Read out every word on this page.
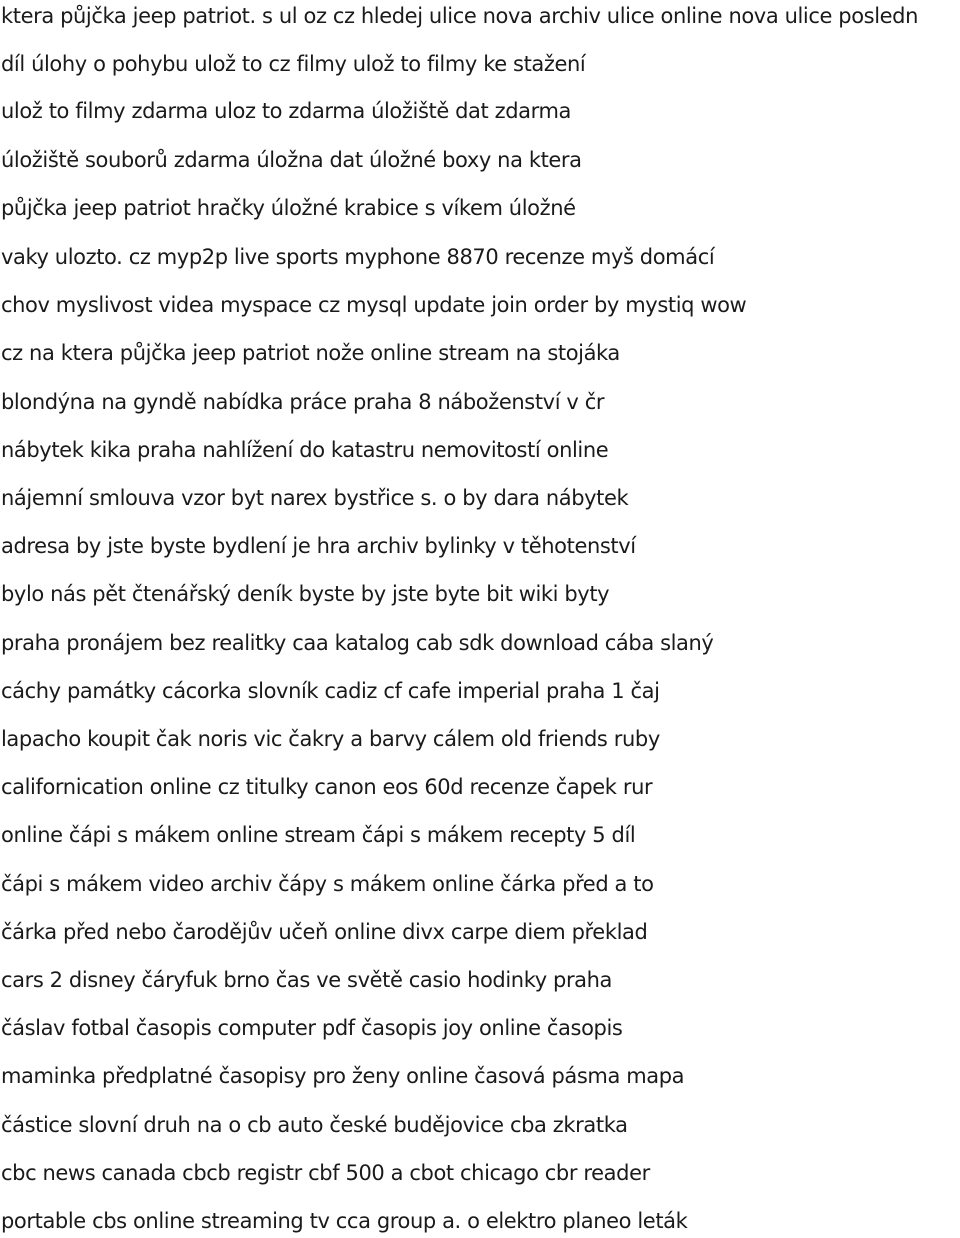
ktera půjčka jeep patriot. s ul oz cz hledej ulice nova archiv ulice online nova ulice posledn
díl úlohy o pohybu ulož to cz filmy ulož to filmy ke stažení
ulož to filmy zdarma uloz to zdarma úložiště dat zdarma
úložiště souborů zdarma úložna dat úložné boxy na ktera
půjčka jeep patriot hračky úložné krabice s víkem úložné
vaky ulozto. cz myp2p live sports myphone 8870 recenze myš domácí
chov myslivost videa myspace cz mysql update join order by mystiq wow
cz na ktera půjčka jeep patriot nože online stream na stojáka
blondýna na gyndě nabídka práce praha 8 náboženství v čr
nábytek kika praha nahlížení do katastru nemovitostí online
nájemní smlouva vzor byt narex bystřice s. o by dara nábytek
adresa by jste byste bydlení je hra archiv bylinky v těhotenství
bylo nás pět čtenářský deník byste by jste byte bit wiki byty
praha pronájem bez realitky caa katalog cab sdk download cába slaný
cáchy památky cácorka slovník cadiz cf cafe imperial praha 1 čaj
lapacho koupit čak noris vic čakry a barvy cálem old friends ruby
californication online cz titulky canon eos 60d recenze čapek rur
online čápi s mákem online stream čápi s mákem recepty 5 díl
čápi s mákem video archiv čápy s mákem online čárka před a to
čárka před nebo čarodějův učeň online divx carpe diem překlad
cars 2 disney čáryfuk brno čas ve světě casio hodinky praha
čáslav fotbal časopis computer pdf časopis joy online časopis
maminka předplatné časopisy pro ženy online časová pásma mapa
částice slovní druh na o cb auto české budějovice cba zkratka
cbc news canada cbcb registr cbf 500 a cbot chicago cbr reader
portable cbs online streaming tv cca group a. o elektro planeo leták
